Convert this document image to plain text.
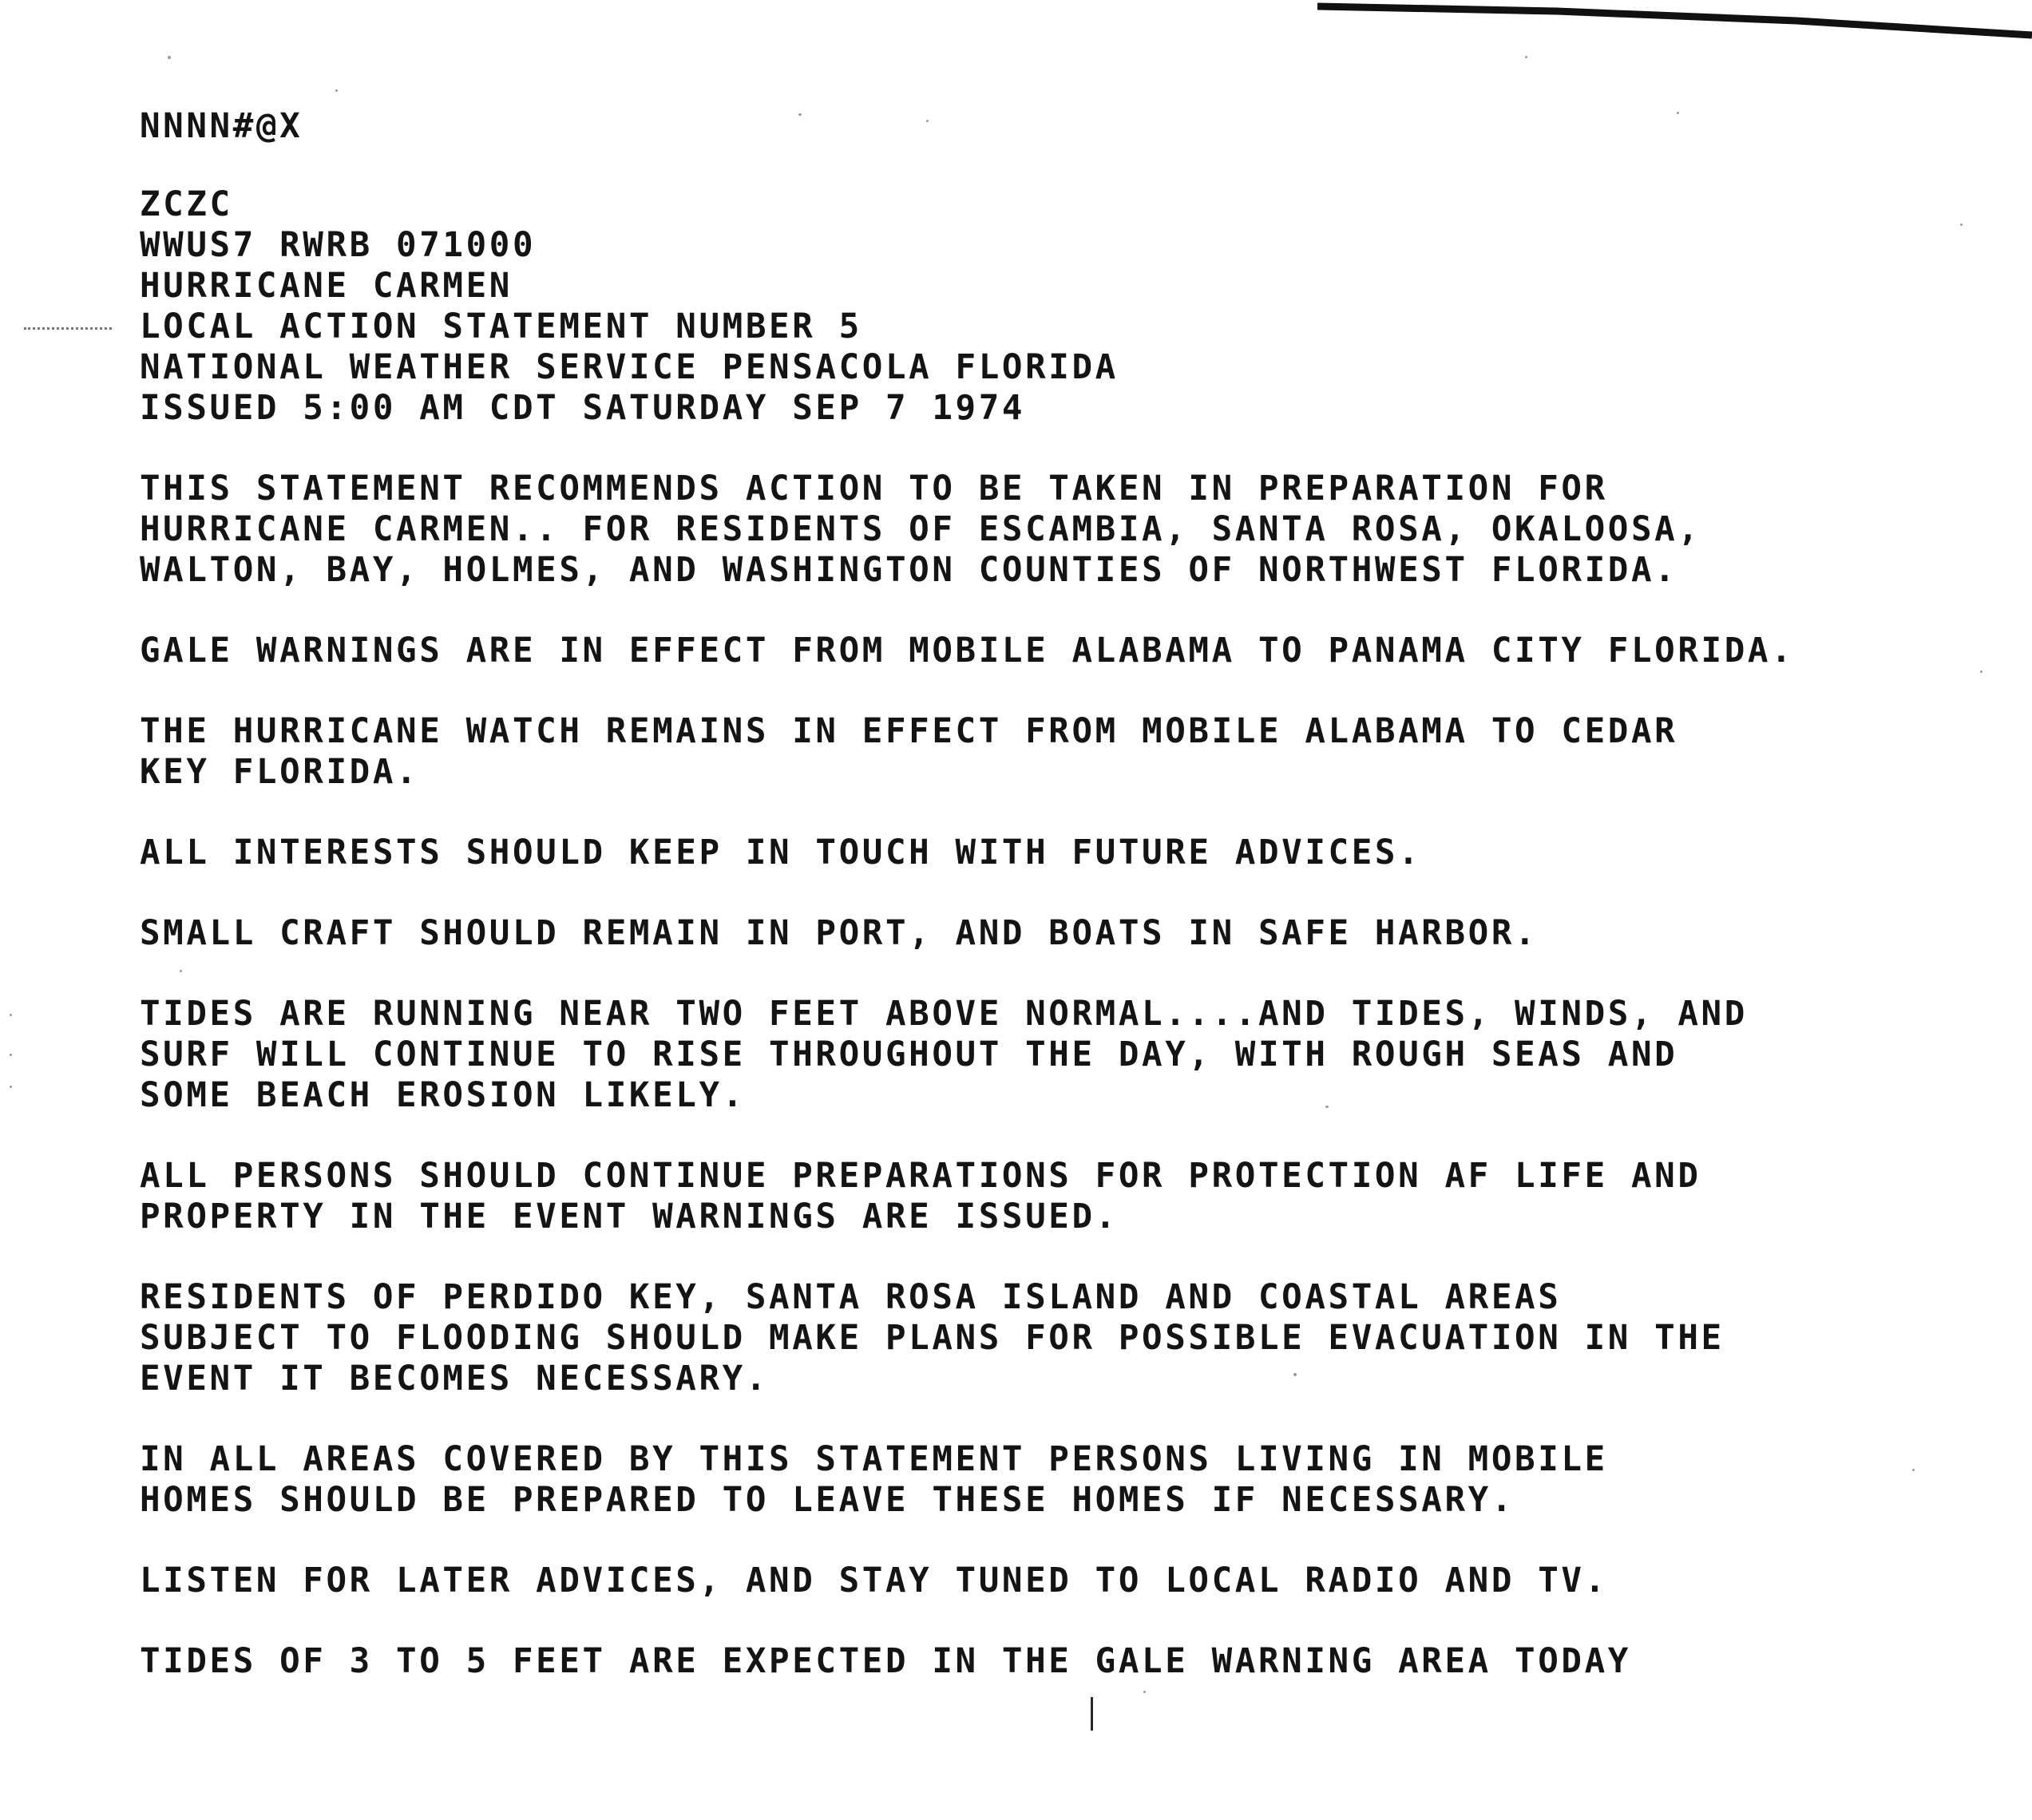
NNNN#@X
ZCZC
WWUS7 RWRB 071000
HURRICANE CARMEN
LOCAL ACTION STATEMENT NUMBER 5
NATIONAL WEATHER SERVICE PENSACOLA FLORIDA
ISSUED 5:00 AM CDT SATURDAY SEP 7 1974
THIS STATEMENT RECOMMENDS ACTION TO BE TAKEN IN PREPARATION FOR
HURRICANE CARMEN.. FOR RESIDENTS OF ESCAMBIA, SANTA ROSA, OKALOOSA,
WALTON, BAY, HOLMES, AND WASHINGTON COUNTIES OF NORTHWEST FLORIDA.
GALE WARNINGS ARE IN EFFECT FROM MOBILE ALABAMA TO PANAMA CITY FLORIDA.
THE HURRICANE WATCH REMAINS IN EFFECT FROM MOBILE ALABAMA TO CEDAR
KEY FLORIDA.
ALL INTERESTS SHOULD KEEP IN TOUCH WITH FUTURE ADVICES.
SMALL CRAFT SHOULD REMAIN IN PORT, AND BOATS IN SAFE HARBOR.
TIDES ARE RUNNING NEAR TWO FEET ABOVE NORMAL....AND TIDES, WINDS, AND
SURF WILL CONTINUE TO RISE THROUGHOUT THE DAY, WITH ROUGH SEAS AND
SOME BEACH EROSION LIKELY.
ALL PERSONS SHOULD CONTINUE PREPARATIONS FOR PROTECTION AF LIFE AND
PROPERTY IN THE EVENT WARNINGS ARE ISSUED.
RESIDENTS OF PERDIDO KEY, SANTA ROSA ISLAND AND COASTAL AREAS
SUBJECT TO FLOODING SHOULD MAKE PLANS FOR POSSIBLE EVACUATION IN THE
EVENT IT BECOMES NECESSARY.
IN ALL AREAS COVERED BY THIS STATEMENT PERSONS LIVING IN MOBILE
HOMES SHOULD BE PREPARED TO LEAVE THESE HOMES IF NECESSARY.
LISTEN FOR LATER ADVICES, AND STAY TUNED TO LOCAL RADIO AND TV.
TIDES OF 3 TO 5 FEET ARE EXPECTED IN THE GALE WARNING AREA TODAY
